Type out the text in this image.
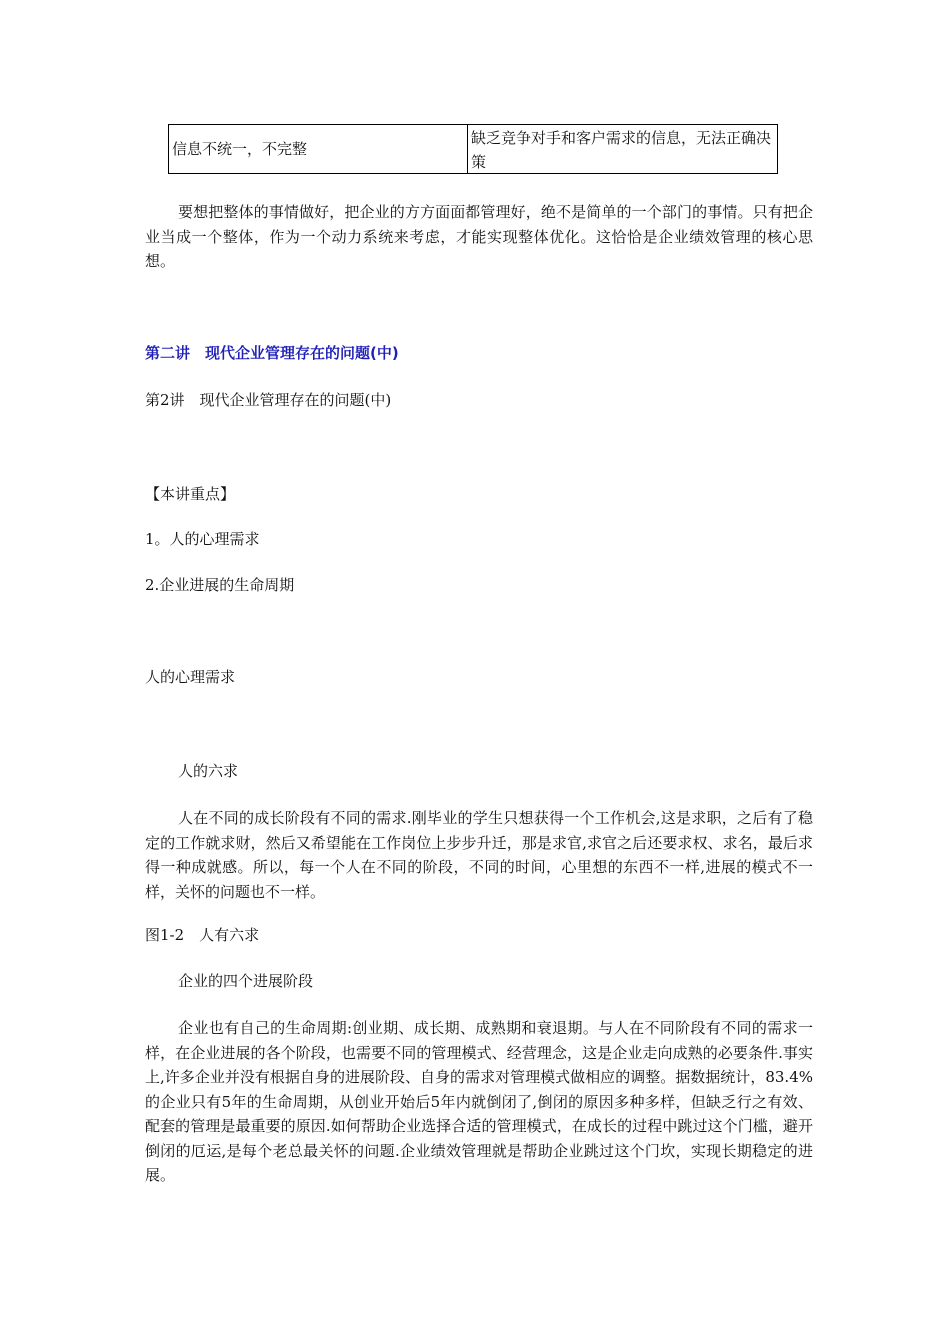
信息不统一，不完整
缺乏竞争对手和客户需求的信息，无法正确决策

要想把整体的事情做好，把企业的方方面面都管理好，绝不是简单的一个部门的事情。只有把企业当成一个整体，作为一个动力系统来考虑，才能实现整体优化。这恰恰是企业绩效管理的核心思想。

第二讲　现代企业管理存在的问题(中)

第2讲　现代企业管理存在的问题(中)

【本讲重点】

1。人的心理需求

2.企业进展的生命周期

人的心理需求

人的六求

人在不同的成长阶段有不同的需求.刚毕业的学生只想获得一个工作机会,这是求职，之后有了稳定的工作就求财，然后又希望能在工作岗位上步步升迁，那是求官,求官之后还要求权、求名，最后求得一种成就感。所以，每一个人在不同的阶段，不同的时间，心里想的东西不一样,进展的模式不一样，关怀的问题也不一样。

图1-2　人有六求

企业的四个进展阶段

企业也有自己的生命周期:创业期、成长期、成熟期和衰退期。与人在不同阶段有不同的需求一样，在企业进展的各个阶段，也需要不同的管理模式、经营理念，这是企业走向成熟的必要条件.事实上,许多企业并没有根据自身的进展阶段、自身的需求对管理模式做相应的调整。据数据统计，83.4%的企业只有5年的生命周期，从创业开始后5年内就倒闭了,倒闭的原因多种多样，但缺乏行之有效、配套的管理是最重要的原因.如何帮助企业选择合适的管理模式，在成长的过程中跳过这个门槛，避开倒闭的厄运,是每个老总最关怀的问题.企业绩效管理就是帮助企业跳过这个门坎，实现长期稳定的进展。
